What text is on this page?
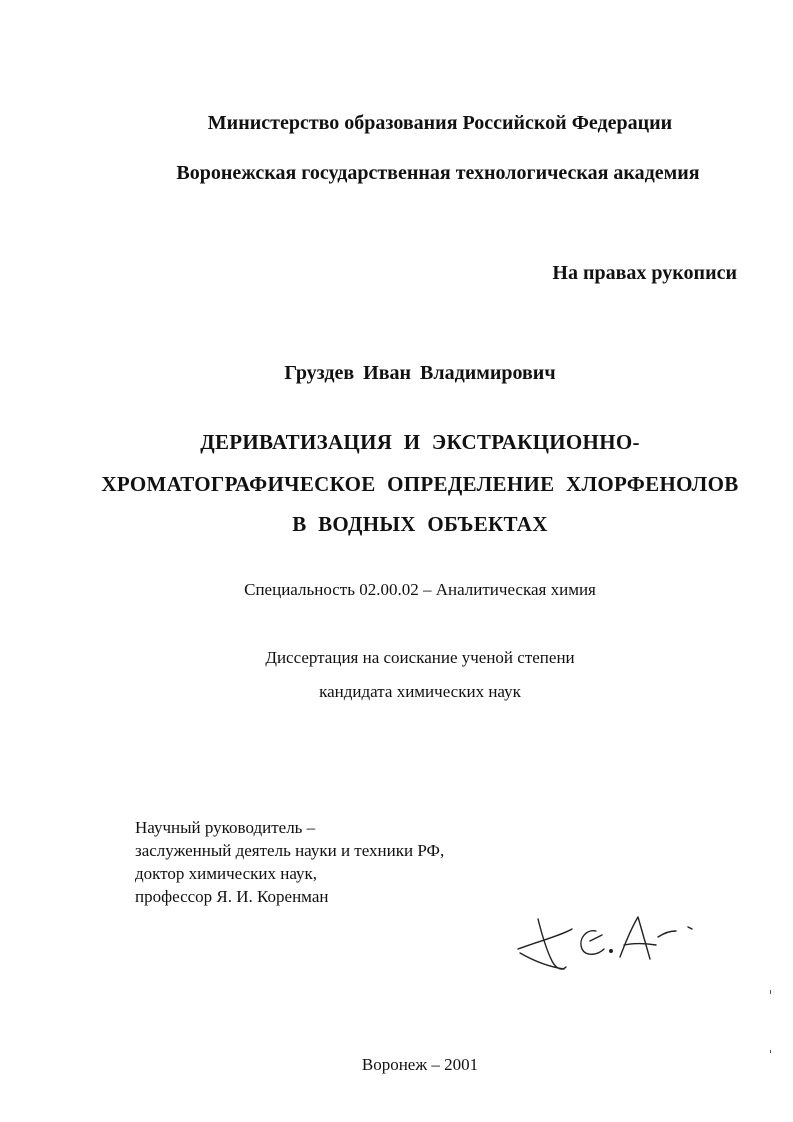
Министерство образования Российской Федерации
Воронежская государственная технологическая академия
На правах рукописи
Груздев Иван Владимирович
ДЕРИВАТИЗАЦИЯ И ЭКСТРАКЦИОННО-
ХРОМАТОГРАФИЧЕСКОЕ ОПРЕДЕЛЕНИЕ ХЛОРФЕНОЛОВ
В ВОДНЫХ ОБЪЕКТАХ
Специальность 02.00.02 – Аналитическая химия
Диссертация на соискание ученой степени
кандидата химических наук
Научный руководитель –
заслуженный деятель науки и техники РФ,
доктор химических наук,
профессор Я. И. Коренман
Воронеж – 2001
